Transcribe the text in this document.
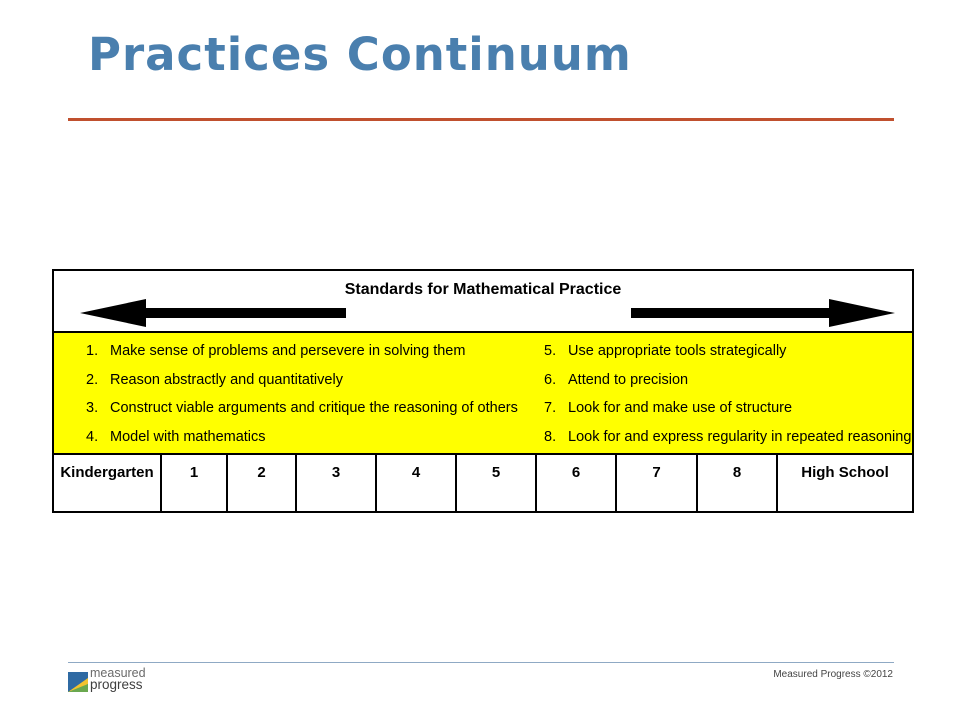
Practices Continuum
Standards for Mathematical Practice
1. Make sense of problems and persevere in solving them
2. Reason abstractly and quantitatively
3. Construct viable arguments and critique the reasoning of others
4. Model with mathematics
5. Use appropriate tools strategically
6. Attend to precision
7. Look for and make use of structure
8. Look for and express regularity in repeated reasoning
Kindergarten	1	2	3	4	5	6	7	8	High School
measured
progress
Measured Progress ©2012
